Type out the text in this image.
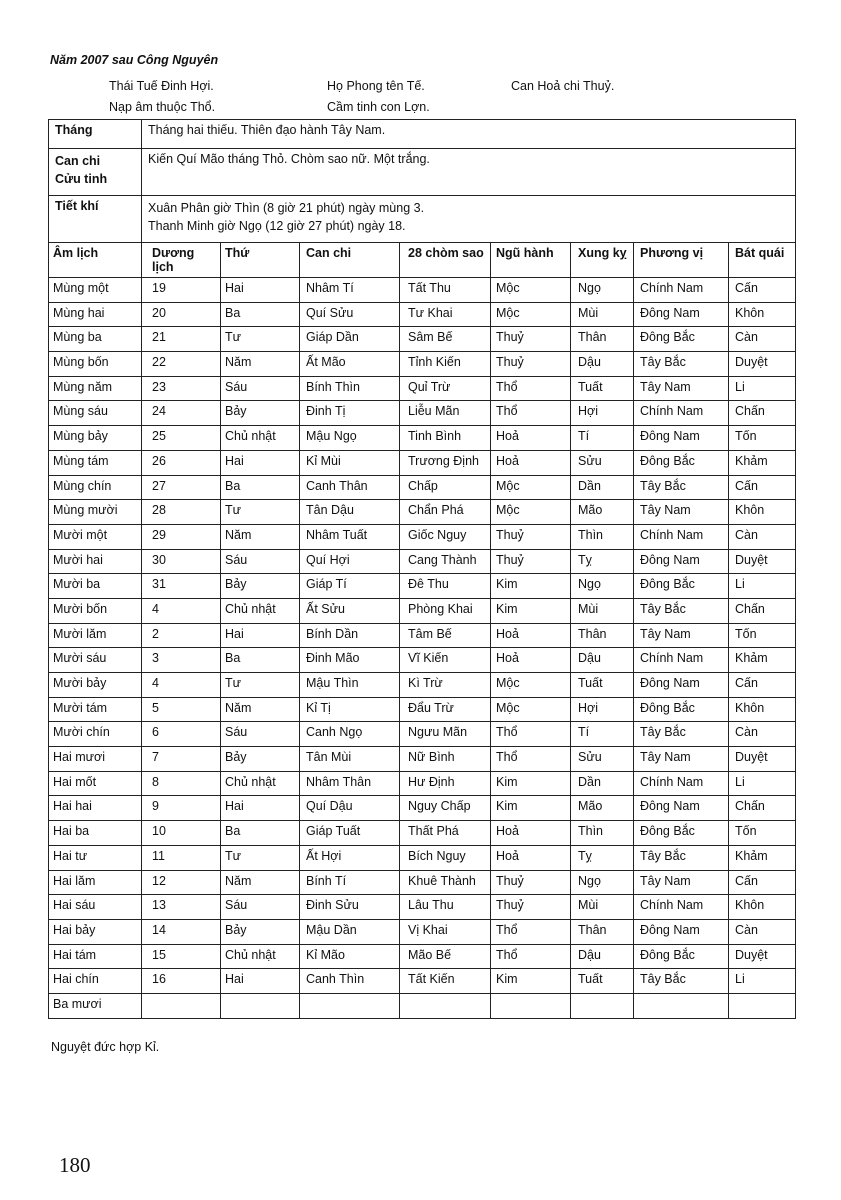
Năm 2007 sau Công Nguyên
Thái Tuế Đinh Hợi.	Họ Phong tên Tế.	Can Hoả chi Thuỷ.
Nạp âm thuộc Thổ.	Cầm tinh con Lợn.
Tháng	Tháng hai thiếu. Thiên đạo hành Tây Nam.							

Can chi
Cửu tinh	Kiến Quí Mão tháng Thỏ. Chòm sao nữ. Một trắng.							
Tiết khí	Xuân Phân giờ Thìn (8 giờ 21 phút) ngày mùng 3.
Thanh Minh giờ Ngọ (12 giờ 27 phút) ngày 18.							

Âm lịch	Dương lịch	Thứ	Can chi	28 chòm sao	Ngũ hành	Xung kỵ	Phương vị	Bát quái
Mùng một	19	Hai	Nhâm Tí	Tất Thu	Mộc	Ngọ	Chính Nam	Cấn
Mùng hai	20	Ba	Quí Sửu	Tư Khai	Mộc	Mùi	Đông Nam	Khôn
Mùng ba	21	Tư	Giáp Dần	Sâm Bế	Thuỷ	Thân	Đông Bắc	Càn
Mùng bốn	22	Năm	Ất Mão	Tỉnh Kiến	Thuỷ	Dậu	Tây Bắc	Duyệt
Mùng năm	23	Sáu	Bính Thìn	Quỉ Trừ	Thổ	Tuất	Tây Nam	Li
Mùng sáu	24	Bảy	Đinh Tị	Liễu Mãn	Thổ	Hợi	Chính Nam	Chấn
Mùng bảy	25	Chủ nhật	Mậu Ngọ	Tinh Bình	Hoả	Tí	Đông Nam	Tốn
Mùng tám	26	Hai	Kỉ Mùi	Trương Định	Hoả	Sửu	Đông Bắc	Khảm
Mùng chín	27	Ba	Canh Thân	Chấp	Mộc	Dần	Tây Bắc	Cấn
Mùng mười	28	Tư	Tân Dậu	Chẩn Phá	Mộc	Mão	Tây Nam	Khôn
Mười một	29	Năm	Nhâm Tuất	Giốc Nguy	Thuỷ	Thìn	Chính Nam	Càn
Mười hai	30	Sáu	Quí Hợi	Cang Thành	Thuỷ	Tỵ	Đông Nam	Duyệt
Mười ba	31	Bảy	Giáp Tí	Đê Thu	Kim	Ngọ	Đông Bắc	Li
Mười bốn	4	Chủ nhật	Ất Sửu	Phòng Khai	Kim	Mùi	Tây Bắc	Chấn
Mười lăm	2	Hai	Bính Dần	Tâm Bế	Hoả	Thân	Tây Nam	Tốn
Mười sáu	3	Ba	Đinh Mão	Vĩ Kiến	Hoả	Dậu	Chính Nam	Khảm
Mười bảy	4	Tư	Mậu Thìn	Kì Trừ	Mộc	Tuất	Đông Nam	Cấn
Mười tám	5	Năm	Kỉ Tị	Đẩu Trừ	Mộc	Hợi	Đông Bắc	Khôn
Mười chín	6	Sáu	Canh Ngọ	Ngưu Mãn	Thổ	Tí	Tây Bắc	Càn
Hai mươi	7	Bảy	Tân Mùi	Nữ Bình	Thổ	Sửu	Tây Nam	Duyệt
Hai mốt	8	Chủ nhật	Nhâm Thân	Hư Định	Kim	Dần	Chính Nam	Li
Hai hai	9	Hai	Quí Dậu	Nguy Chấp	Kim	Mão	Đông Nam	Chấn
Hai ba	10	Ba	Giáp Tuất	Thất Phá	Hoả	Thìn	Đông Bắc	Tốn
Hai tư	11	Tư	Ất Hợi	Bích Nguy	Hoả	Tỵ	Tây Bắc	Khảm
Hai lăm	12	Năm	Bính Tí	Khuê Thành	Thuỷ	Ngọ	Tây Nam	Cấn
Hai sáu	13	Sáu	Đinh Sửu	Lâu Thu	Thuỷ	Mùi	Chính Nam	Khôn
Hai bảy	14	Bảy	Mậu Dần	Vị Khai	Thổ	Thân	Đông Nam	Càn
Hai tám	15	Chủ nhật	Kỉ Mão	Mão Bế	Thổ	Dậu	Đông Bắc	Duyệt
Hai chín	16	Hai	Canh Thìn	Tất Kiến	Kim	Tuất	Tây Bắc	Li
Ba mươi								
Nguyệt đức hợp Kỉ.
180
